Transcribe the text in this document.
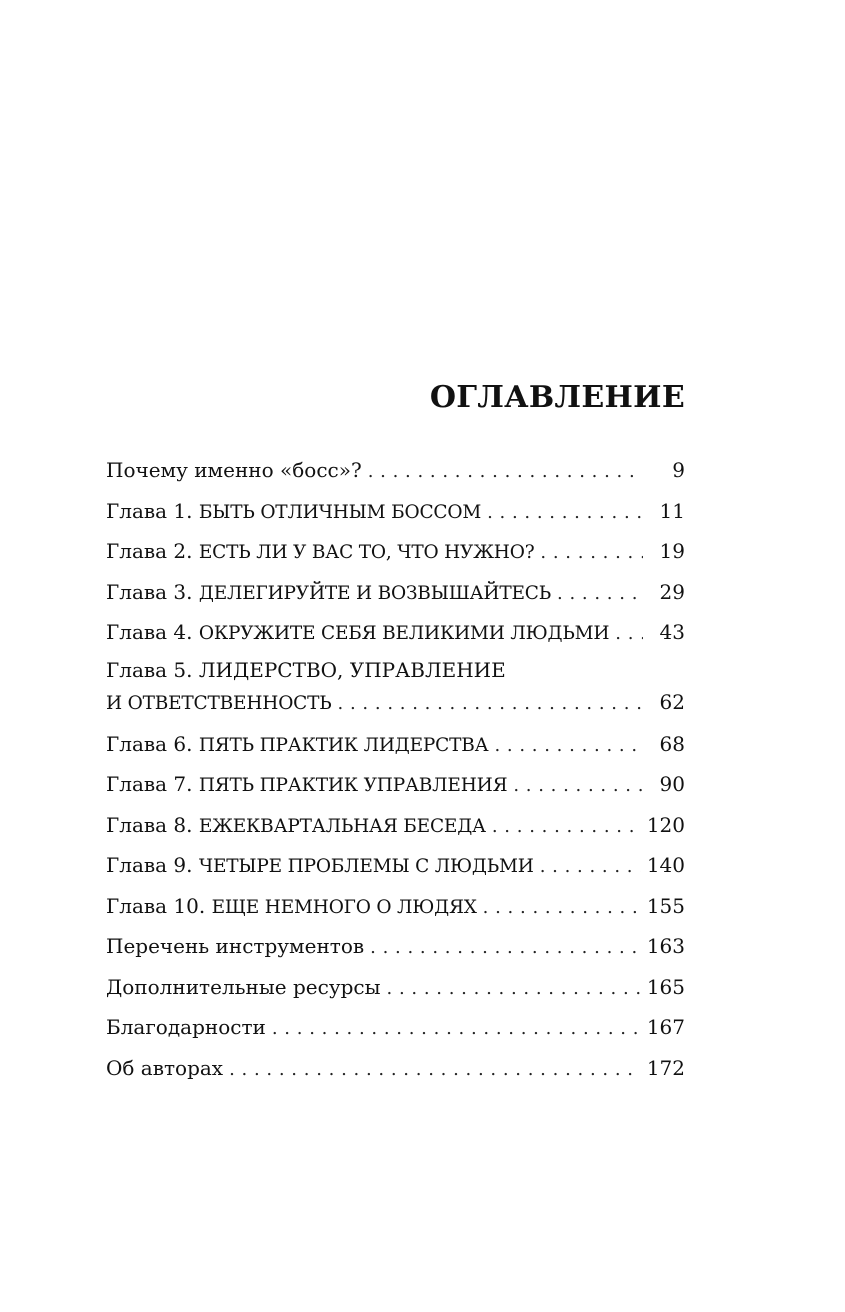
ОГЛАВЛЕНИЕ
Почему именно «босс»? . . .	9
Глава 1. БЫТЬ ОТЛИЧНЫМ БОССОМ . . .	11
Глава 2. ЕСТЬ ЛИ У ВАС ТО, ЧТО НУЖНО? . . .	19
Глава 3. ДЕЛЕГИРУЙТЕ И ВОЗВЫШАЙТЕСЬ . . .	29
Глава 4. ОКРУЖИТЕ СЕБЯ ВЕЛИКИМИ ЛЮДЬМИ . . .	43
Глава 5. ЛИДЕРСТВО, УПРАВЛЕНИЕ
И ОТВЕТСТВЕННОСТЬ . . .	62
Глава 6. ПЯТЬ ПРАКТИК ЛИДЕРСТВА . . .	68
Глава 7. ПЯТЬ ПРАКТИК УПРАВЛЕНИЯ . . .	90
Глава 8. ЕЖЕКВАРТАЛЬНАЯ БЕСЕДА . . .	120
Глава 9. ЧЕТЫРЕ ПРОБЛЕМЫ С ЛЮДЬМИ . . .	140
Глава 10. ЕЩЕ НЕМНОГО О ЛЮДЯХ . . .	155
Перечень инструментов . . .	163
Дополнительные ресурсы . . .	165
Благодарности . . .	167
Об авторах . . .	172
